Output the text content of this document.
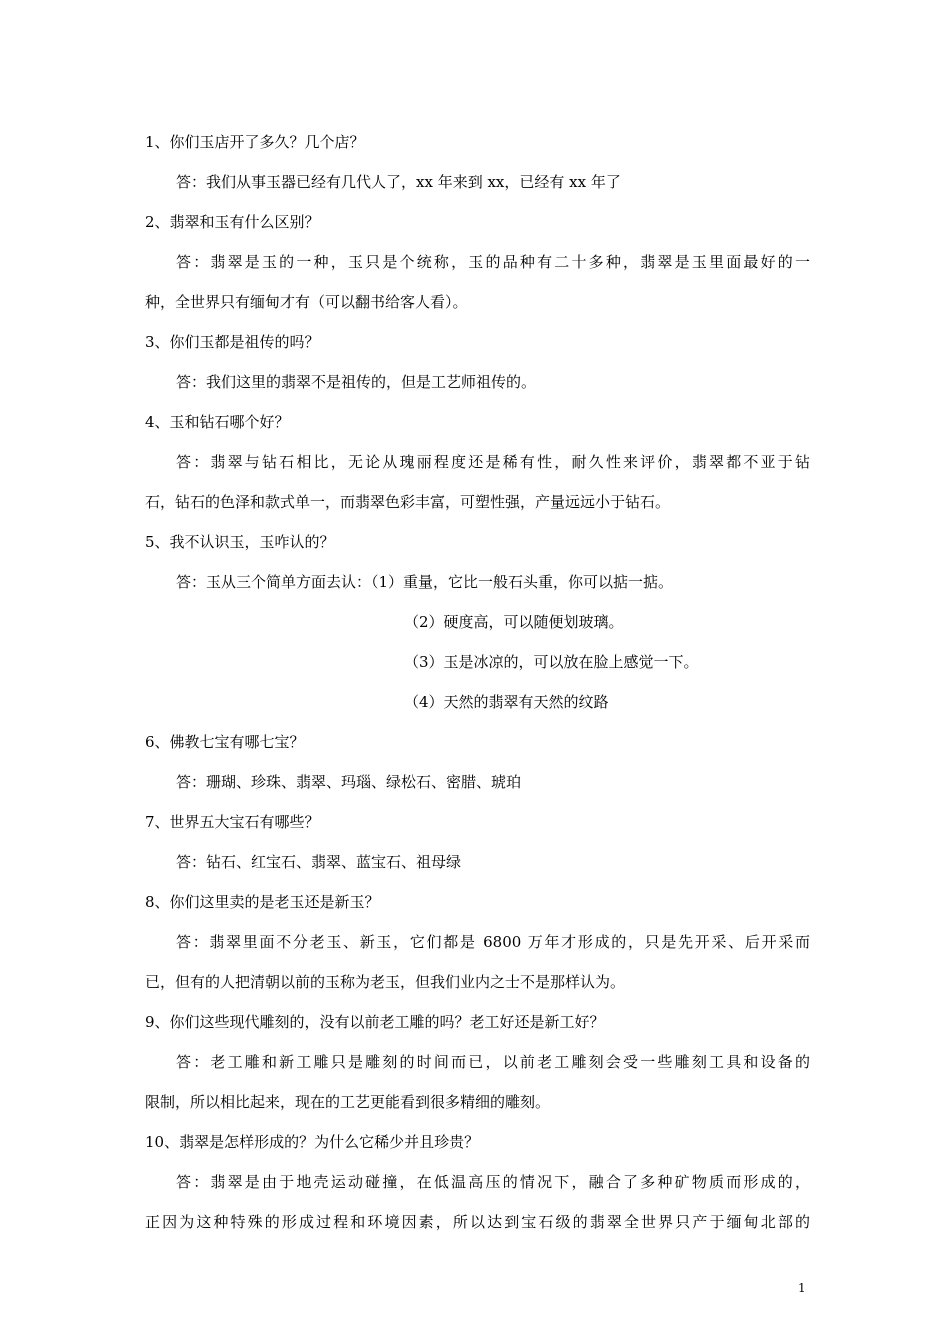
1、你们玉店开了多久？几个店？
答：我们从事玉器已经有几代人了，xx 年来到 xx，已经有 xx 年了
2、翡翠和玉有什么区别？
答：翡翠是玉的一种，玉只是个统称，玉的品种有二十多种，翡翠是玉里面最好的一
种，全世界只有缅甸才有（可以翻书给客人看）。
3、你们玉都是祖传的吗？
答：我们这里的翡翠不是祖传的，但是工艺师祖传的。
4、玉和钻石哪个好？
答：翡翠与钻石相比，无论从瑰丽程度还是稀有性，耐久性来评价，翡翠都不亚于钻
石，钻石的色泽和款式单一，而翡翠色彩丰富，可塑性强，产量远远小于钻石。
5、我不认识玉，玉咋认的？
答：玉从三个简单方面去认：（1）重量，它比一般石头重，你可以掂一掂。
（2）硬度高，可以随便划玻璃。
（3）玉是冰凉的，可以放在脸上感觉一下。
（4）天然的翡翠有天然的纹路
6、佛教七宝有哪七宝？
答：珊瑚、珍珠、翡翠、玛瑙、绿松石、密腊、琥珀
7、世界五大宝石有哪些？
答：钻石、红宝石、翡翠、蓝宝石、祖母绿
8、你们这里卖的是老玉还是新玉？
答：翡翠里面不分老玉、新玉，它们都是 6800 万年才形成的，只是先开采、后开采而
已，但有的人把清朝以前的玉称为老玉，但我们业内之士不是那样认为。
9、你们这些现代雕刻的，没有以前老工雕的吗？老工好还是新工好？
答：老工雕和新工雕只是雕刻的时间而已，以前老工雕刻会受一些雕刻工具和设备的
限制，所以相比起来，现在的工艺更能看到很多精细的雕刻。
10、翡翠是怎样形成的？为什么它稀少并且珍贵？
答：翡翠是由于地壳运动碰撞，在低温高压的情况下，融合了多种矿物质而形成的，
正因为这种特殊的形成过程和环境因素，所以达到宝石级的翡翠全世界只产于缅甸北部的
1
